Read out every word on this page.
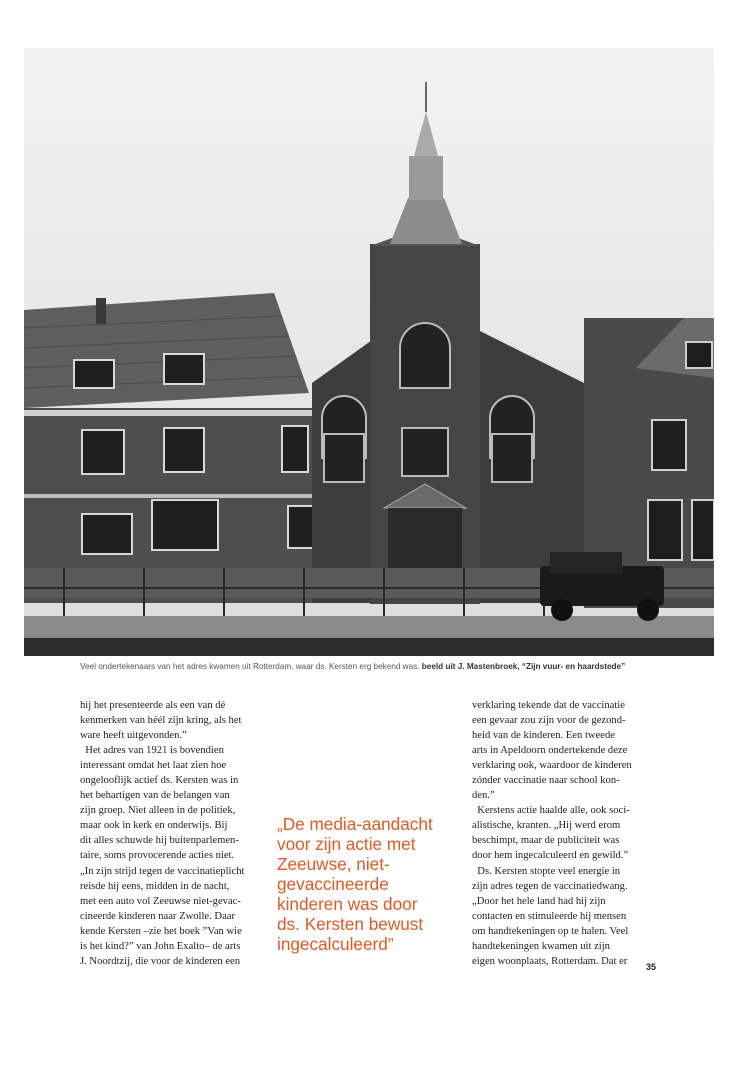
Veel ondertekenaars van het adres kwamen uit Rotterdam, waar ds. Kersten erg bekend was. beeld uit J. Mastenbroek, “Zijn vuur- en haardstede”
hij het presenteerde als een van dé
kenmerken van héél zijn kring, als het
ware heeft uitgevonden.”
 Het adres van 1921 is bovendien
interessant omdat het laat zien hoe
ongelooflijk actief ds. Kersten was in
het behartigen van de belangen van
zijn groep. Niet alleen in de politiek,
maar ook in kerk en onderwijs. Bij
dit alles schuwde hij buitenparlemen-
taire, soms provocerende acties niet.
„In zijn strijd tegen de vaccinatieplicht
reisde hij eens, midden in de nacht,
met een auto vol Zeeuwse niet-gevac-
cineerde kinderen naar Zwolle. Daar
kende Kersten –zie het boek ”Van wie
is het kind?” van John Exalto– de arts
J. Noordtzij, die voor de kinderen een
„De media-aandacht
voor zijn actie met
Zeeuwse, niet-
gevaccineerde
kinderen was door
ds. Kersten bewust
ingecalculeerd”
verklaring tekende dat de vaccinatie
een gevaar zou zijn voor de gezond-
heid van de kinderen. Een tweede
arts in Apeldoorn ondertekende deze
verklaring ook, waardoor de kinderen
zónder vaccinatie naar school kon-
den.”
 Kerstens actie haalde alle, ook soci-
alistische, kranten. „Hij werd erom
beschimpt, maar de publiciteit was
door hem ingecalculeerd en gewild.”
 Ds. Kersten stopte veel energie in
zijn adres tegen de vaccinatiedwang.
„Door het hele land had hij zijn
contacten en stimuleerde hij mensen
om handtekeningen op te halen. Veel
handtekeningen kwamen uit zijn
eigen woonplaats, Rotterdam. Dat er
35
